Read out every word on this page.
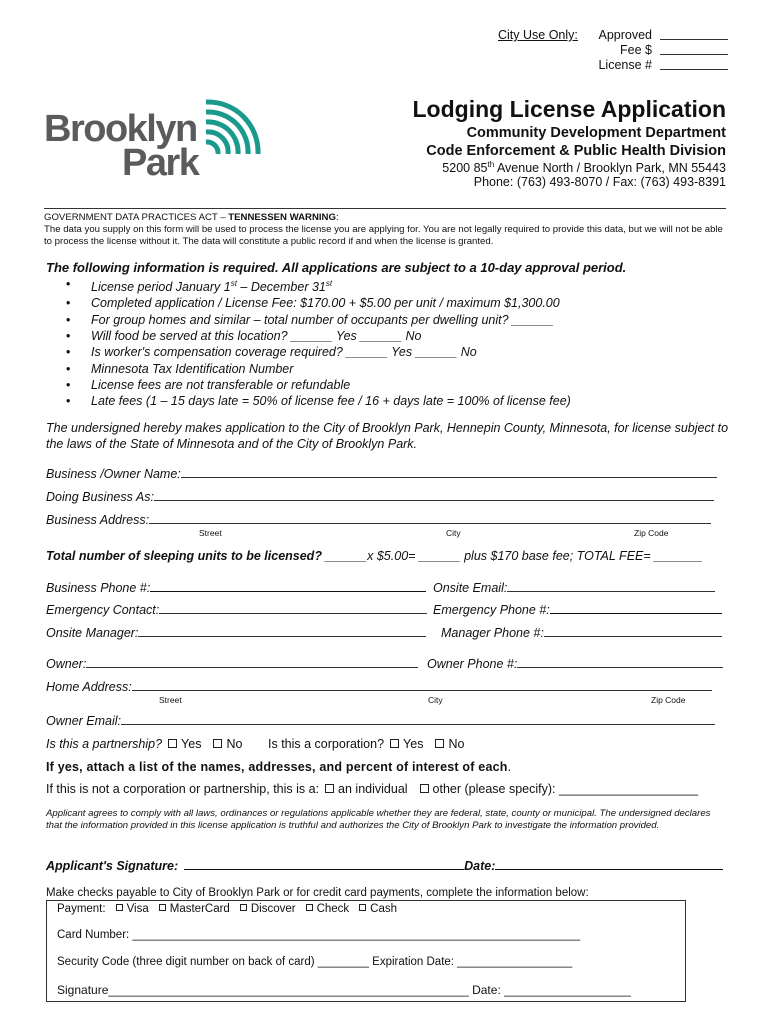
City Use Only: Approved
Fee $
License #
Brooklyn
Park
Lodging License Application
Community Development Department
Code Enforcement & Public Health Division
5200 85th Avenue North / Brooklyn Park, MN 55443
Phone: (763) 493-8070 / Fax: (763) 493-8391
GOVERNMENT DATA PRACTICES ACT – TENNESSEN WARNING:
The data you supply on this form will be used to process the license you are applying for. You are not legally required to provide this data, but we will not be able to process the license without it. The data will constitute a public record if and when the license is granted.
The following information is required. All applications are subject to a 10-day approval period.
• License period January 1st – December 31st
• Completed application / License Fee: $170.00 + $5.00 per unit / maximum $1,300.00
• For group homes and similar – total number of occupants per dwelling unit? ______
• Will food be served at this location? ______ Yes ______ No
• Is worker's compensation coverage required? ______ Yes ______ No
• Minnesota Tax Identification Number
• License fees are not transferable or refundable
• Late fees (1 – 15 days late = 50% of license fee / 16 + days late = 100% of license fee)
The undersigned hereby makes application to the City of Brooklyn Park, Hennepin County, Minnesota, for license subject to the laws of the State of Minnesota and of the City of Brooklyn Park.
Business /Owner Name:
Doing Business As:
Business Address:
Street	City	Zip Code
Total number of sleeping units to be licensed? ______x $5.00= ______ plus $170 base fee; TOTAL FEE= _______
Business Phone #:	Onsite Email:
Emergency Contact:	Emergency Phone #:
Onsite Manager:	Manager Phone #:
Owner:	Owner Phone #:
Home Address:
Street	City	Zip Code
Owner Email:
Is this a partnership? Yes No Is this a corporation? Yes No
If yes, attach a list of the names, addresses, and percent of interest of each.
If this is not a corporation or partnership, this is a: an individual other (please specify): ____________________
Applicant agrees to comply with all laws, ordinances or regulations applicable whether they are federal, state, county or municipal. The undersigned declares that the information provided in this license application is truthful and authorizes the City of Brooklyn Park to investigate the information provided.
Applicant's Signature:	Date:
Make checks payable to City of Brooklyn Park or for credit card payments, complete the information below:
Payment: Visa MasterCard Discover Check Cash
Card Number: ______________________________________________________________________
Security Code (three digit number on back of card) ________ Expiration Date: __________________
Signature______________________________________________________ Date: ___________________
